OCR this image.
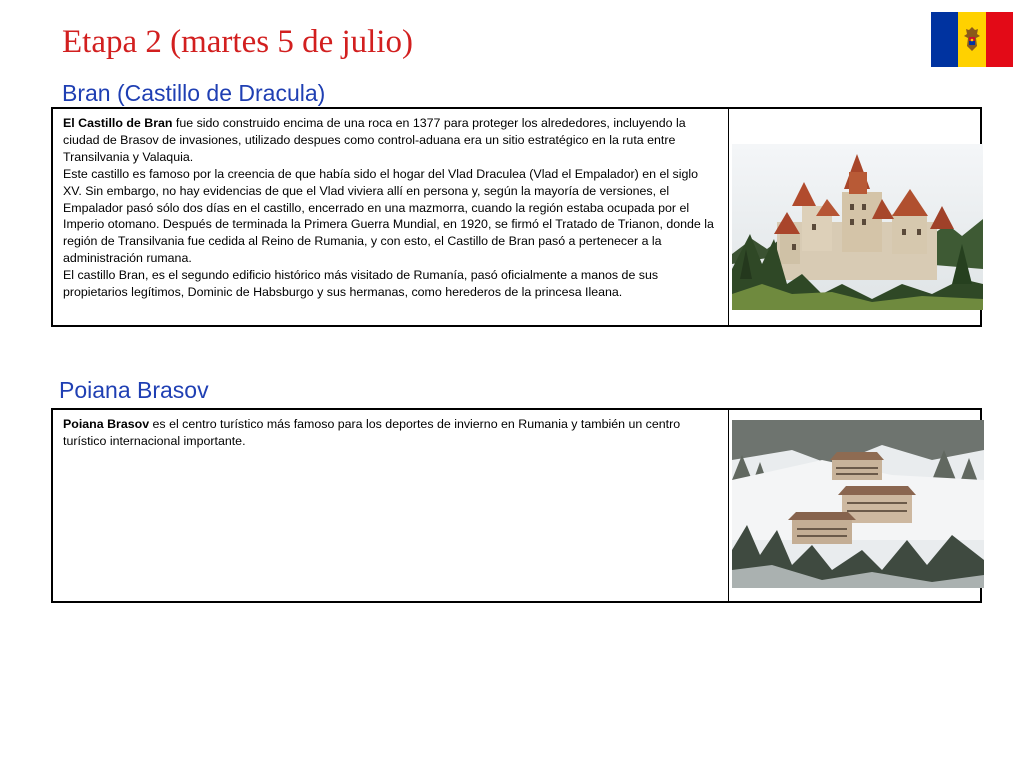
Etapa 2 (martes 5 de julio)
Bran (Castillo de Dracula)
El Castillo de Bran fue sido construido encima de una roca en 1377 para proteger los alrededores, incluyendo la ciudad de Brasov de invasiones, utilizado despues como control-aduana era un sitio estratégico en la ruta entre Transilvania y Valaquia.
Este castillo es famoso por la creencia de que había sido el hogar del Vlad Draculea (Vlad el Empalador) en el siglo XV. Sin embargo, no hay evidencias de que el Vlad viviera allí en persona y, según la mayoría de versiones, el Empalador pasó sólo dos días en el castillo, encerrado en una mazmorra, cuando la región estaba ocupada por el Imperio otomano. Después de terminada la Primera Guerra Mundial, en 1920, se firmó el Tratado de Trianon, donde la región de Transilvania fue cedida al Reino de Rumania, y con esto, el Castillo de Bran pasó a pertenecer a la administración rumana.
El castillo Bran, es el segundo edificio histórico más visitado de Rumanía, pasó oficialmente a manos de sus propietarios legítimos, Dominic de Habsburgo y sus hermanas, como herederos de la princesa Ileana.
Poiana Brasov
Poiana Brasov es el centro turístico más famoso para los deportes de invierno en Rumania y también un centro turístico internacional importante.
